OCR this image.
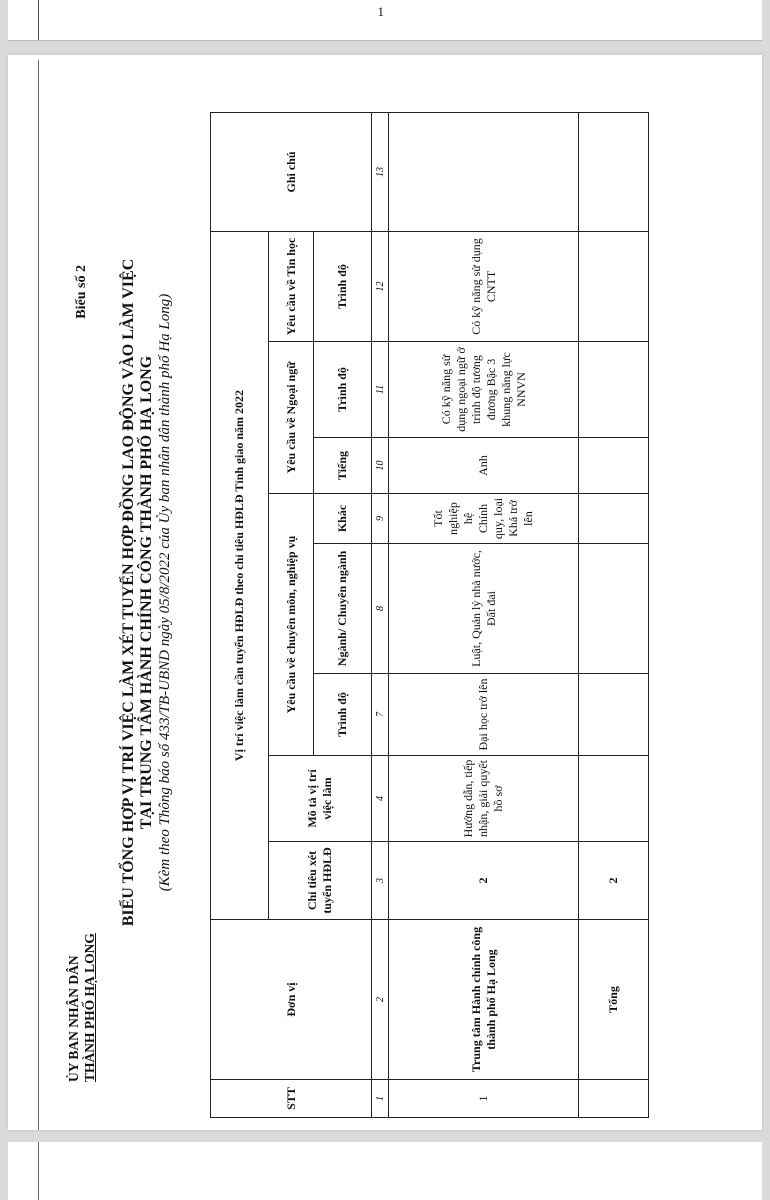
1
ỦY BAN NHÂN DÂN THÀNH PHỐ HẠ LONG
Biểu số 2 BIỂU TỔNG HỢP VỊ TRÍ VIỆC LÀM XÉT TUYỂN HỢP ĐỒNG LAO ĐỘNG VÀO LÀM VIỆC TẠI TRUNG TÂM HÀNH CHÍNH CÔNG THÀNH PHỐ HẠ LONG (Kèm theo Thông báo số 433/TB-UBND ngày 05/8/2022 của Ủy ban nhân dân thành phố Hạ Long)
STT	Đơn vị	Vị trí việc làm cần tuyển HĐLĐ theo chỉ tiêu HĐLĐ Tỉnh giao năm 2022								Ghi chú
		Chỉ tiêu xét tuyển HĐLĐ	Mô tả vị trí việc làm	Yêu cầu về chuyên môn, nghiệp vụ			Yêu cầu về Ngoại ngữ		Yêu cầu về Tin học	
				Trình độ	Ngành/ Chuyên ngành	Khác	Tiếng	Trình độ	Trình độ	
1	2	3	4	7	8	9	10	11	12	13
1	Trung tâm Hành chính công thành phố Hạ Long	2	Hướng dẫn, tiếp nhận, giải quyết hồ sơ	Đại học trở lên	Luật, Quản lý nhà nước, Đất đai	Tốt nghiệp hệ Chính quy, loại Khá trở lên	Anh	Có kỹ năng sử dụng ngoại ngữ ở trình độ tương đương Bậc 3 khung năng lực NNVN	Có kỹ năng sử dụng CNTT	
	Tổng	2								
